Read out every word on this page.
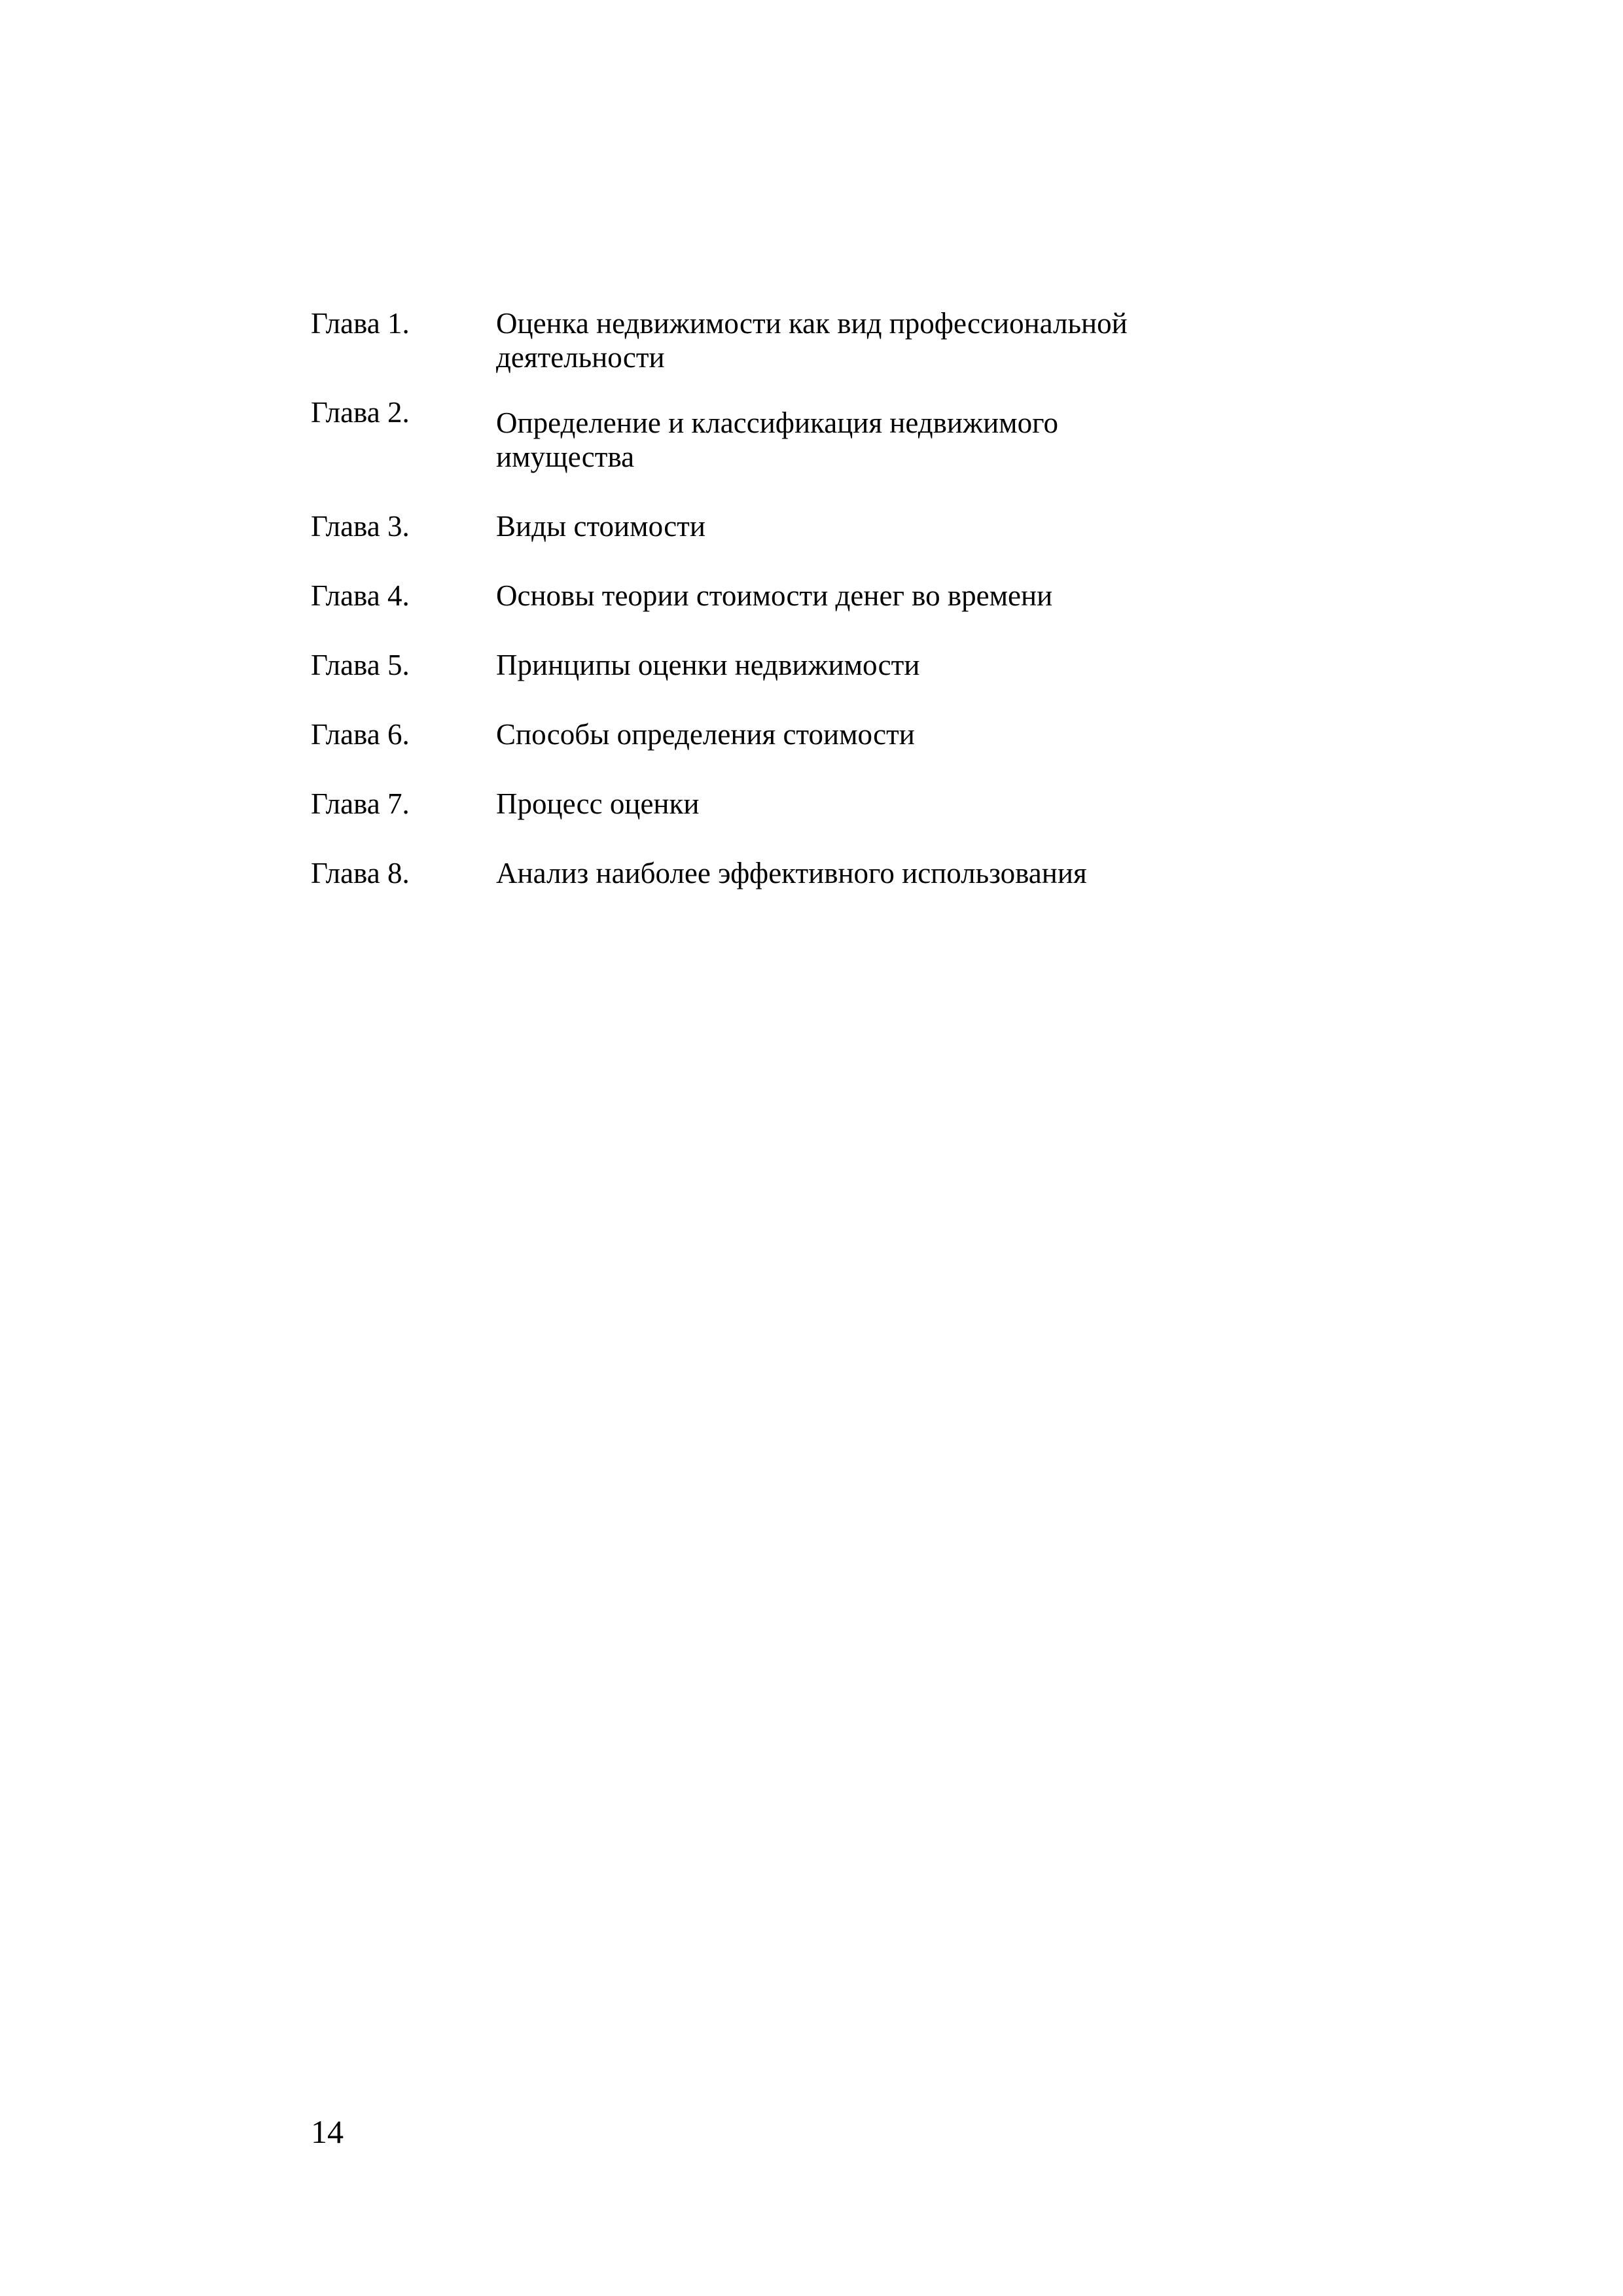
Глава 1.	Оценка недвижимости как вид профессиональной деятельности
Глава 2.	Определение и классификация недвижимого имущества
Глава 3.	Виды стоимости
Глава 4.	Основы теории стоимости денег во времени
Глава 5.	Принципы оценки недвижимости
Глава 6.	Способы определения стоимости
Глава 7.	Процесс оценки
Глава 8.	Анализ наиболее эффективного использования
14
